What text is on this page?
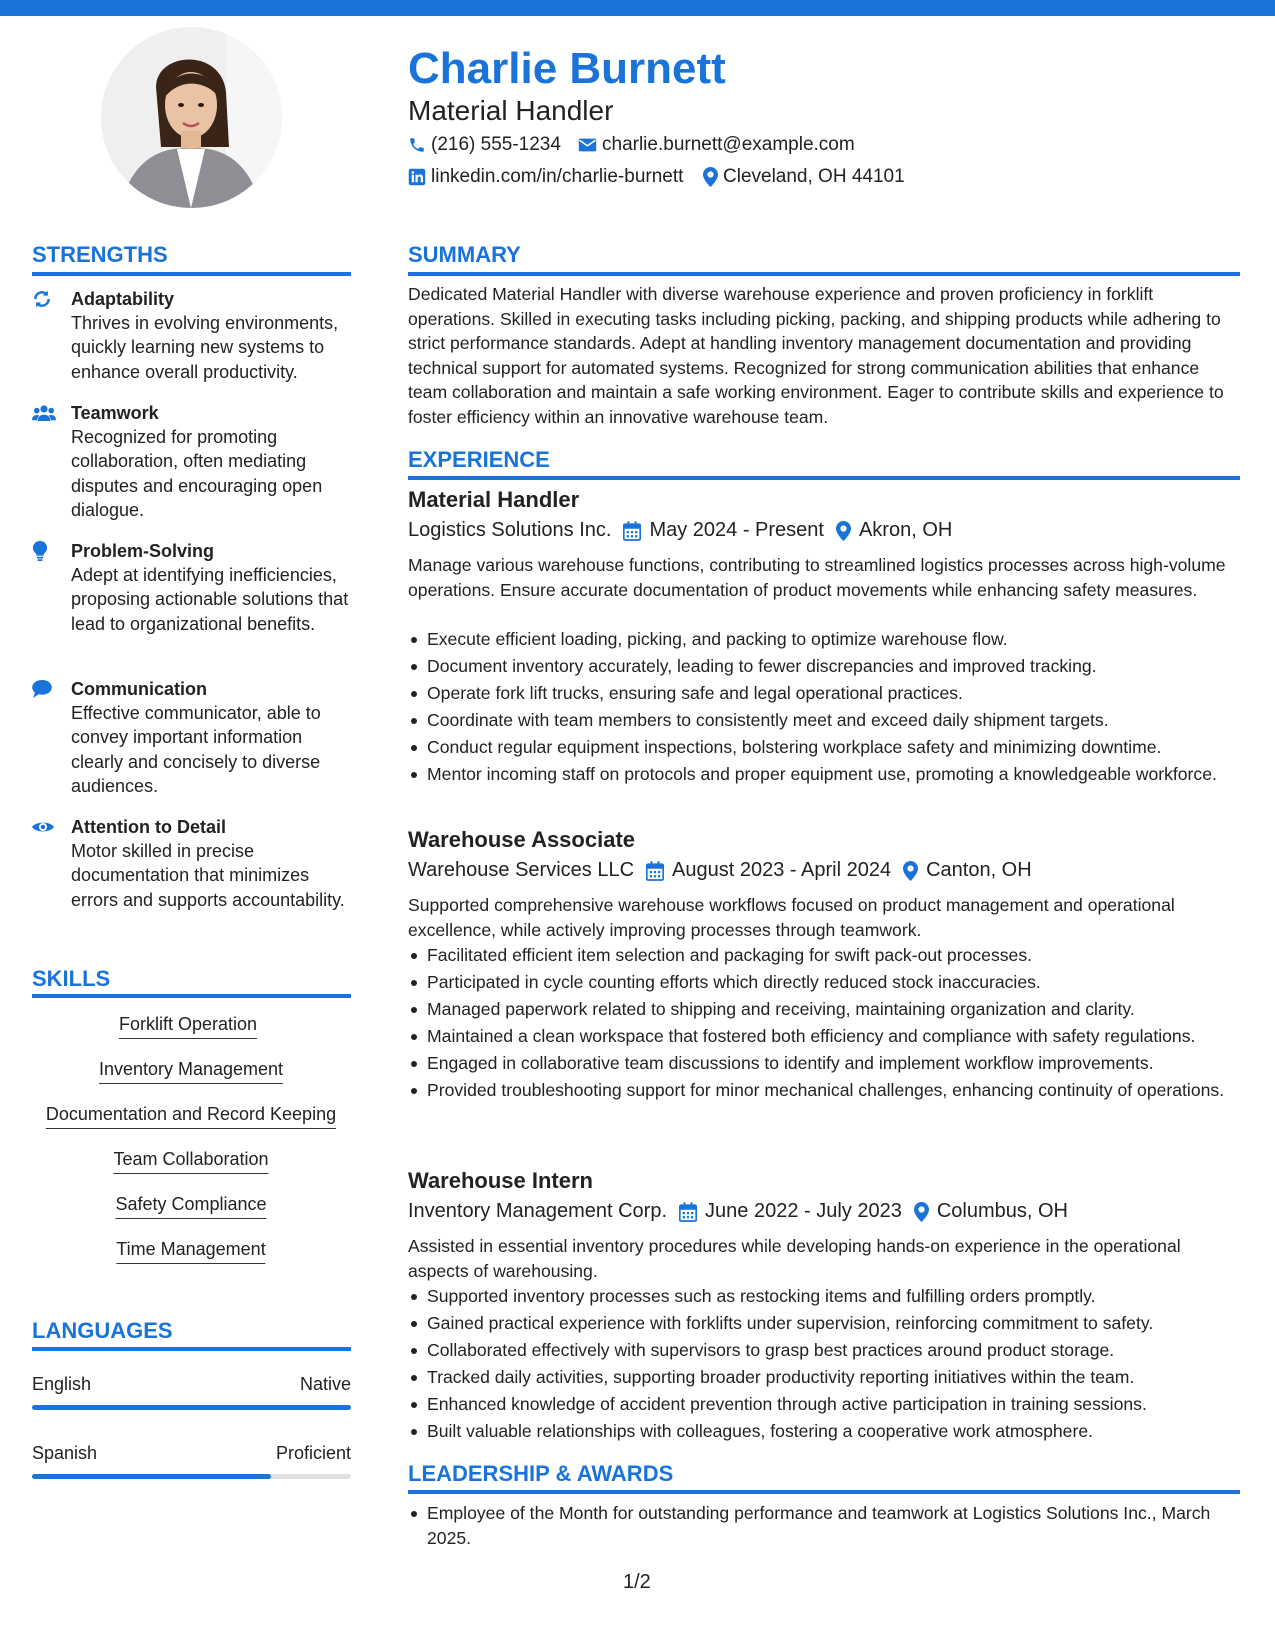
Charlie Burnett
Material Handler
(216) 555-1234 charlie.burnett@example.com
linkedin.com/in/charlie-burnett Cleveland, OH 44101
STRENGTHS
Adaptability
Thrives in evolving environments, quickly learning new systems to enhance overall productivity.
Teamwork
Recognized for promoting collaboration, often mediating disputes and encouraging open dialogue.
Problem-Solving
Adept at identifying inefficiencies, proposing actionable solutions that lead to organizational benefits.
Communication
Effective communicator, able to convey important information clearly and concisely to diverse audiences.
Attention to Detail
Motor skilled in precise documentation that minimizes errors and supports accountability.
SKILLS
Forklift Operation
Inventory Management
Documentation and Record Keeping
Team Collaboration
Safety Compliance
Time Management
LANGUAGES
English	Native
Spanish	Proficient
SUMMARY
Dedicated Material Handler with diverse warehouse experience and proven proficiency in forklift operations. Skilled in executing tasks including picking, packing, and shipping products while adhering to strict performance standards. Adept at handling inventory management documentation and providing technical support for automated systems. Recognized for strong communication abilities that enhance team collaboration and maintain a safe working environment. Eager to contribute skills and experience to foster efficiency within an innovative warehouse team.
EXPERIENCE
Material Handler
Logistics Solutions Inc. May 2024 - Present Akron, OH
Manage various warehouse functions, contributing to streamlined logistics processes across high-volume operations. Ensure accurate documentation of product movements while enhancing safety measures.
Execute efficient loading, picking, and packing to optimize warehouse flow.
Document inventory accurately, leading to fewer discrepancies and improved tracking.
Operate fork lift trucks, ensuring safe and legal operational practices.
Coordinate with team members to consistently meet and exceed daily shipment targets.
Conduct regular equipment inspections, bolstering workplace safety and minimizing downtime.
Mentor incoming staff on protocols and proper equipment use, promoting a knowledgeable workforce.
Warehouse Associate
Warehouse Services LLC August 2023 - April 2024 Canton, OH
Supported comprehensive warehouse workflows focused on product management and operational excellence, while actively improving processes through teamwork.
Facilitated efficient item selection and packaging for swift pack-out processes.
Participated in cycle counting efforts which directly reduced stock inaccuracies.
Managed paperwork related to shipping and receiving, maintaining organization and clarity.
Maintained a clean workspace that fostered both efficiency and compliance with safety regulations.
Engaged in collaborative team discussions to identify and implement workflow improvements.
Provided troubleshooting support for minor mechanical challenges, enhancing continuity of operations.
Warehouse Intern
Inventory Management Corp. June 2022 - July 2023 Columbus, OH
Assisted in essential inventory procedures while developing hands-on experience in the operational aspects of warehousing.
Supported inventory processes such as restocking items and fulfilling orders promptly.
Gained practical experience with forklifts under supervision, reinforcing commitment to safety.
Collaborated effectively with supervisors to grasp best practices around product storage.
Tracked daily activities, supporting broader productivity reporting initiatives within the team.
Enhanced knowledge of accident prevention through active participation in training sessions.
Built valuable relationships with colleagues, fostering a cooperative work atmosphere.
LEADERSHIP & AWARDS
Employee of the Month for outstanding performance and teamwork at Logistics Solutions Inc., March 2025.
1/2
